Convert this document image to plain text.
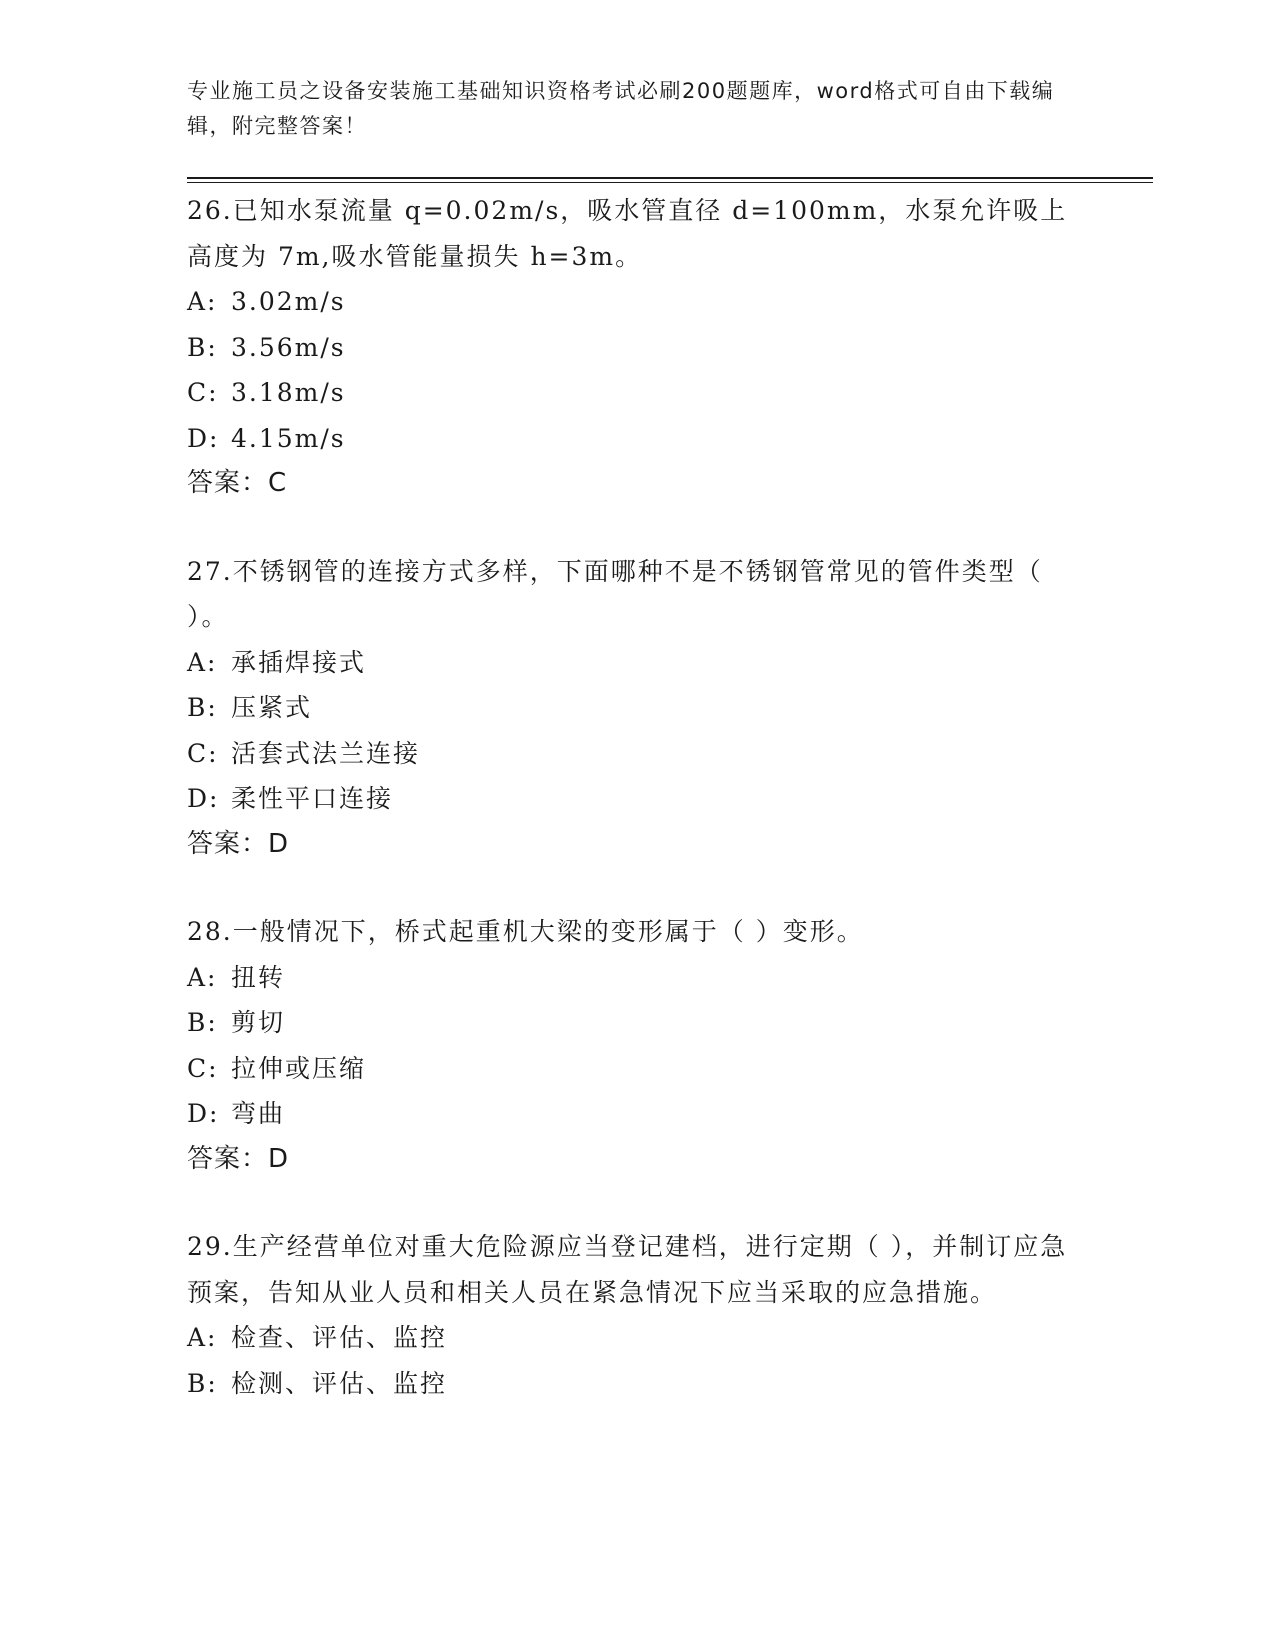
专业施工员之设备安装施工基础知识资格考试必刷200题题库，word格式可自由下载编辑，附完整答案！

26.已知水泵流量 q=0.02m/s，吸水管直径 d=100mm，水泵允许吸上高度为 7m,吸水管能量损失 h=3m。

A: 3.02m/s

B: 3.56m/s

C: 3.18m/s

D: 4.15m/s

答案：C

27.不锈钢管的连接方式多样，下面哪种不是不锈钢管常见的管件类型（ ）。

A: 承插焊接式

B: 压紧式

C: 活套式法兰连接

D: 柔性平口连接

答案：D

28.一般情况下，桥式起重机大梁的变形属于（ ）变形。

A: 扭转

B: 剪切

C: 拉伸或压缩

D: 弯曲

答案：D

29.生产经营单位对重大危险源应当登记建档，进行定期（ ），并制订应急预案，告知从业人员和相关人员在紧急情况下应当采取的应急措施。

A: 检查、评估、监控

B: 检测、评估、监控
